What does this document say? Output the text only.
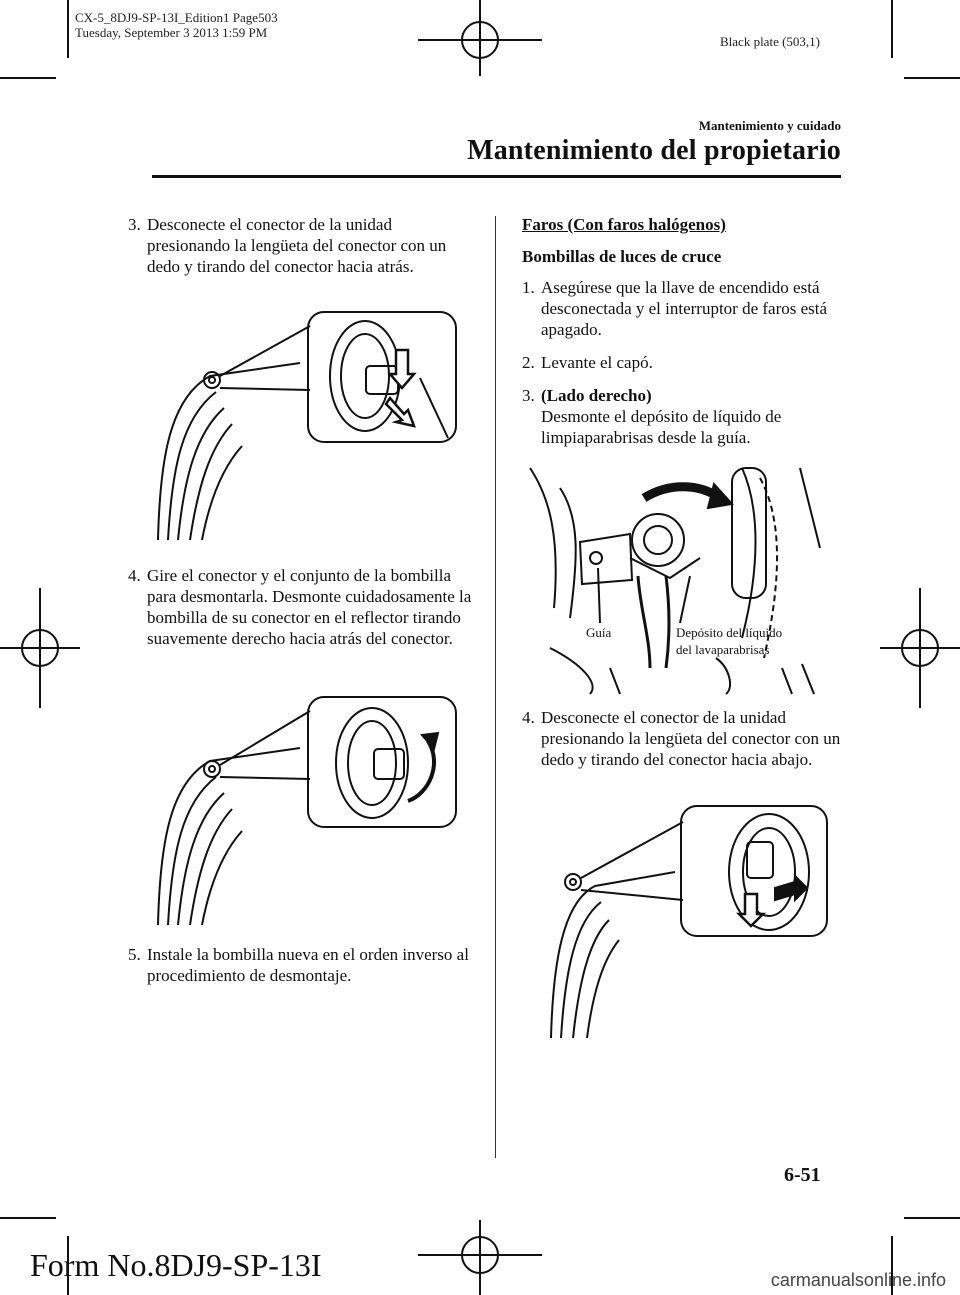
CX-5_8DJ9-SP-13I_Edition1 Page503
Tuesday, September 3 2013 1:59 PM
Black plate (503,1)
Mantenimiento y cuidado
Mantenimiento del propietario
3. Desconecte el conector de la unidad presionando la lengüeta del conector con un dedo y tirando del conector hacia atrás.
4. Gire el conector y el conjunto de la bombilla para desmontarla. Desmonte cuidadosamente la bombilla de su conector en el reflector tirando suavemente derecho hacia atrás del conector.
5. Instale la bombilla nueva en el orden inverso al procedimiento de desmontaje.
Faros (Con faros halógenos)
Bombillas de luces de cruce
1. Asegúrese que la llave de encendido está desconectada y el interruptor de faros está apagado.
2. Levante el capó.
3. (Lado derecho)
Desmonte el depósito de líquido de limpiaparabrisas desde la guía.
Guía	Depósito del líquido
del lavaparabrisas
4. Desconecte el conector de la unidad presionando la lengüeta del conector con un dedo y tirando del conector hacia abajo.
6-51
Form No.8DJ9-SP-13I	carmanualsonline.info
